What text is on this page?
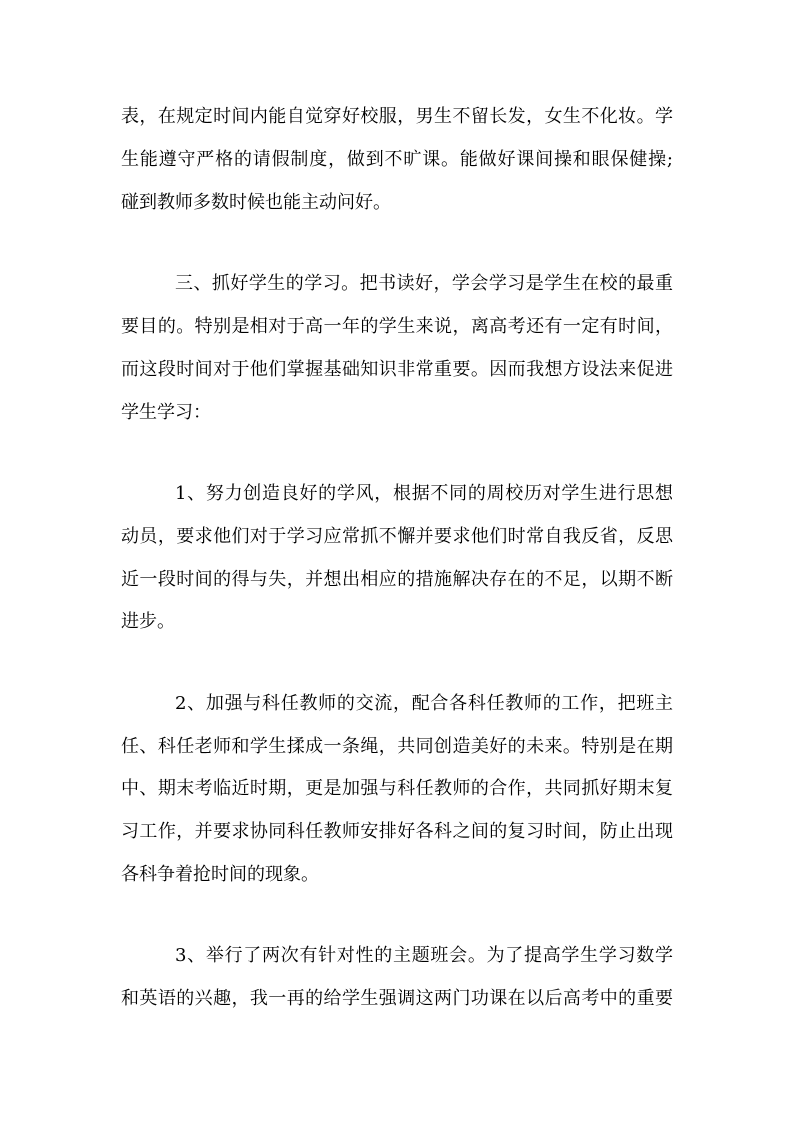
表，在规定时间内能自觉穿好校服，男生不留长发，女生不化妆。学
生能遵守严格的请假制度，做到不旷课。能做好课间操和眼保健操;
碰到教师多数时候也能主动问好。
三、抓好学生的学习。把书读好，学会学习是学生在校的最重
要目的。特别是相对于高一年的学生来说，离高考还有一定有时间，
而这段时间对于他们掌握基础知识非常重要。因而我想方设法来促进
学生学习：
1、努力创造良好的学风，根据不同的周校历对学生进行思想
动员，要求他们对于学习应常抓不懈并要求他们时常自我反省，反思
近一段时间的得与失，并想出相应的措施解决存在的不足，以期不断
进步。
2、加强与科任教师的交流，配合各科任教师的工作，把班主
任、科任老师和学生揉成一条绳，共同创造美好的未来。特别是在期
中、期末考临近时期，更是加强与科任教师的合作，共同抓好期末复
习工作，并要求协同科任教师安排好各科之间的复习时间，防止出现
各科争着抢时间的现象。
3、举行了两次有针对性的主题班会。为了提高学生学习数学
和英语的兴趣，我一再的给学生强调这两门功课在以后高考中的重要
